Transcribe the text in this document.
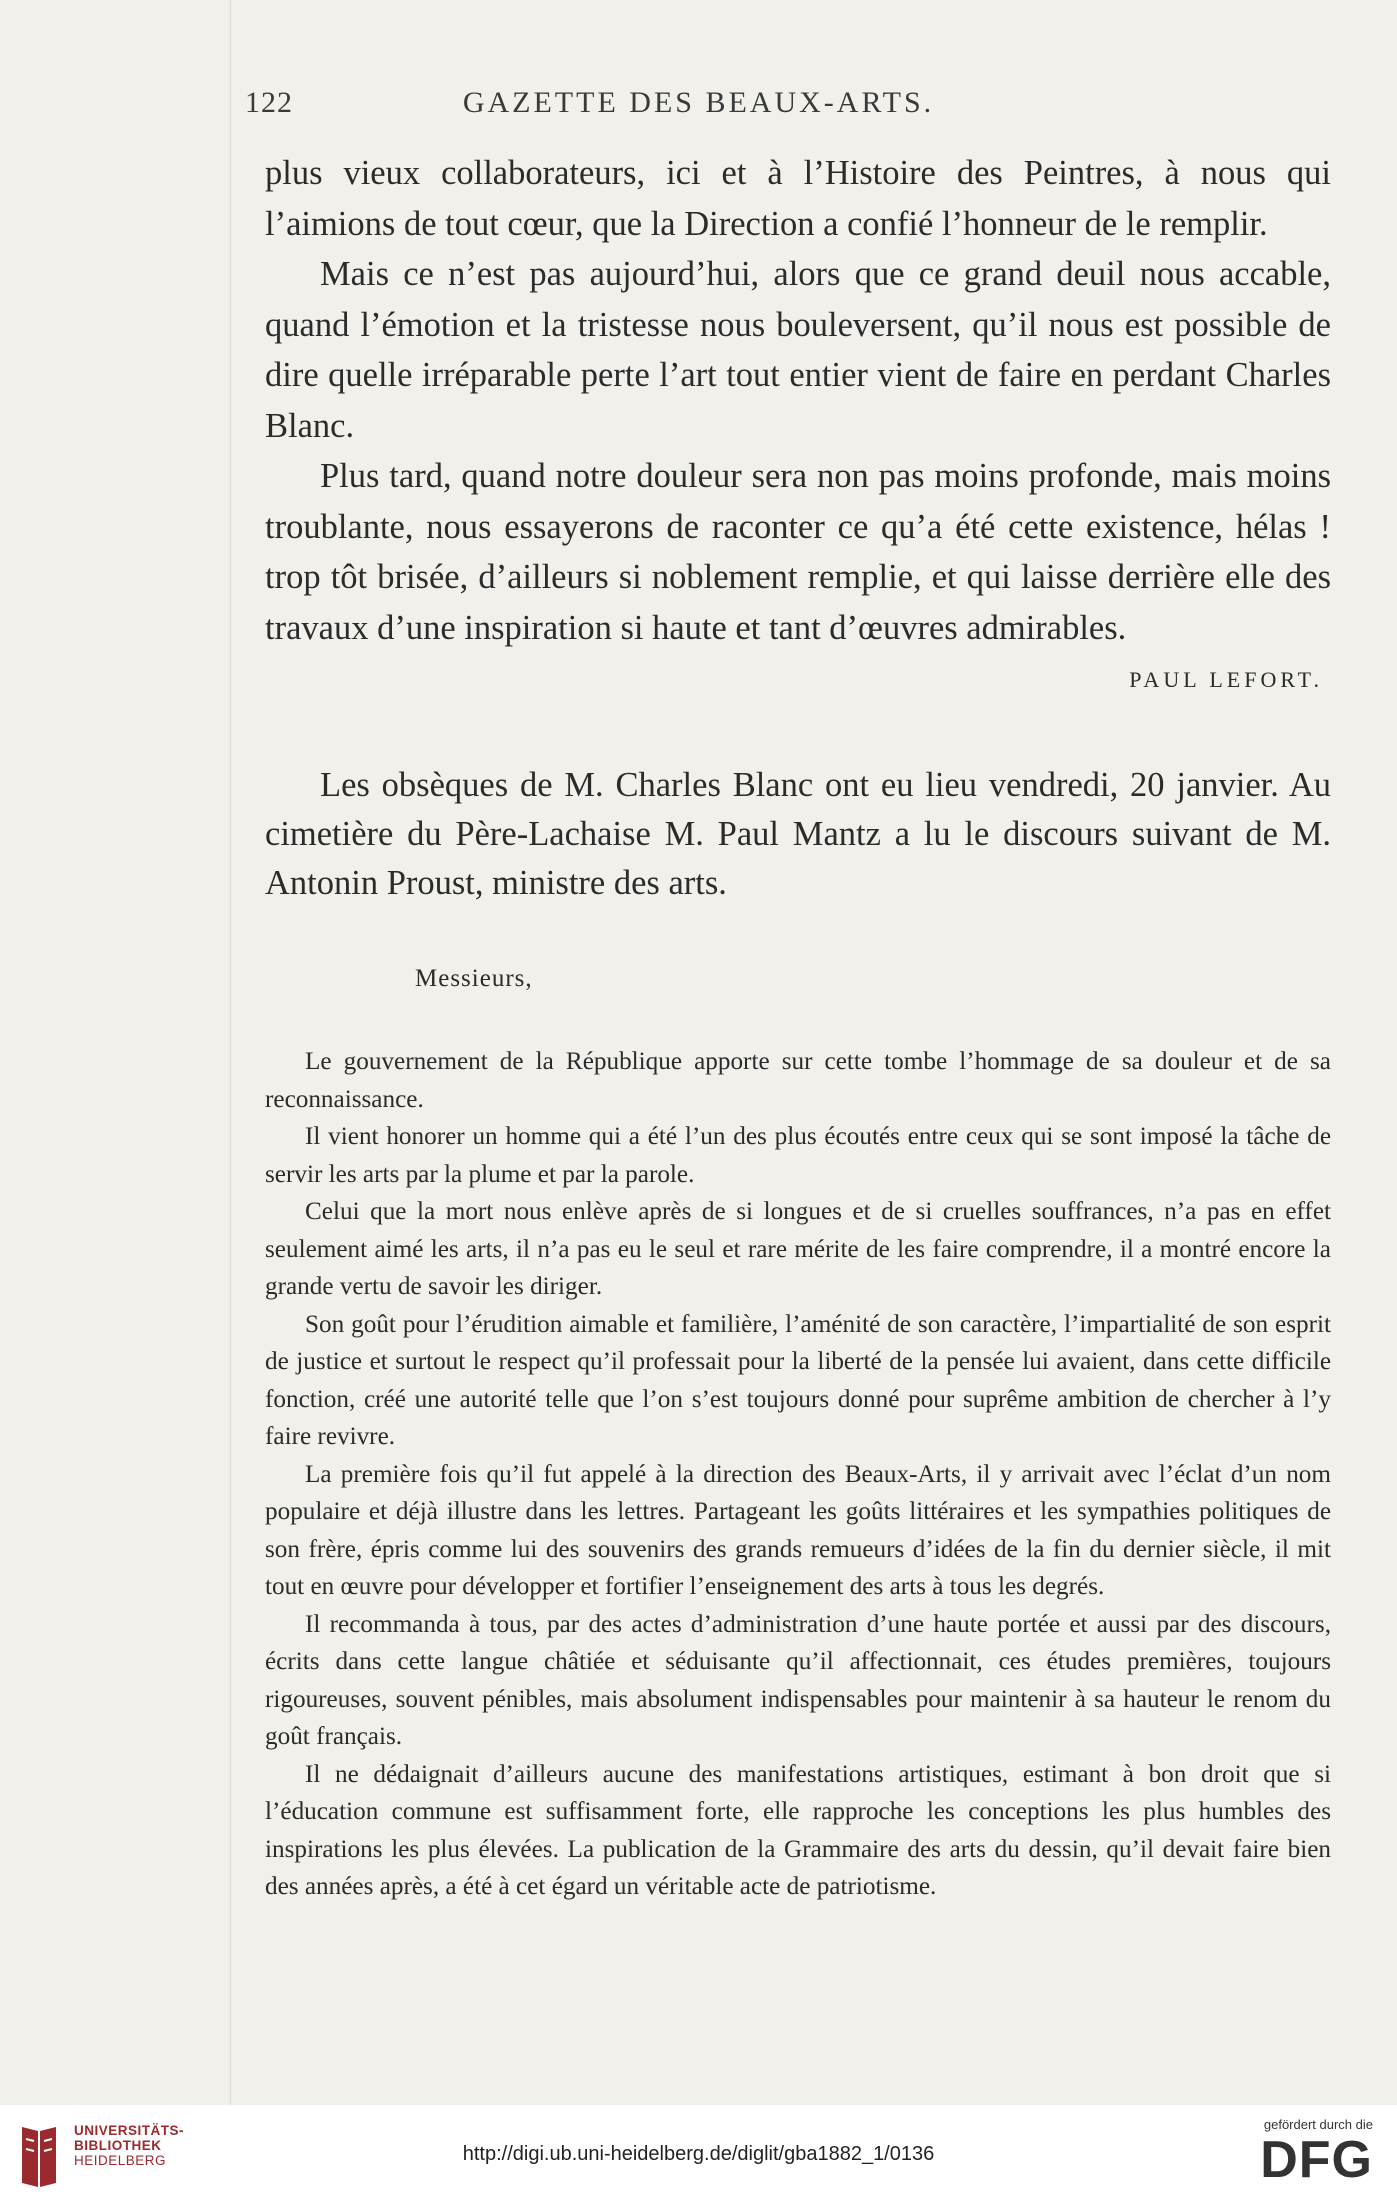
122	GAZETTE DES BEAUX-ARTS.

plus vieux collaborateurs, ici et à l’Histoire des Peintres, à nous qui l’aimions de tout cœur, que la Direction a confié l’honneur de le remplir.

Mais ce n’est pas aujourd’hui, alors que ce grand deuil nous accable, quand l’émotion et la tristesse nous bouleversent, qu’il nous est possible de dire quelle irréparable perte l’art tout entier vient de faire en perdant Charles Blanc.

Plus tard, quand notre douleur sera non pas moins profonde, mais moins troublante, nous essayerons de raconter ce qu’a été cette existence, hélas ! trop tôt brisée, d’ailleurs si noblement remplie, et qui laisse derrière elle des travaux d’une inspiration si haute et tant d’œuvres admirables.

PAUL LEFORT.

Les obsèques de M. Charles Blanc ont eu lieu vendredi, 20 janvier. Au cimetière du Père-Lachaise M. Paul Mantz a lu le discours suivant de M. Antonin Proust, ministre des arts.

Messieurs,

Le gouvernement de la République apporte sur cette tombe l’hommage de sa douleur et de sa reconnaissance.

Il vient honorer un homme qui a été l’un des plus écoutés entre ceux qui se sont imposé la tâche de servir les arts par la plume et par la parole.

Celui que la mort nous enlève après de si longues et de si cruelles souffrances, n’a pas en effet seulement aimé les arts, il n’a pas eu le seul et rare mérite de les faire comprendre, il a montré encore la grande vertu de savoir les diriger.

Son goût pour l’érudition aimable et familière, l’aménité de son caractère, l’impartialité de son esprit de justice et surtout le respect qu’il professait pour la liberté de la pensée lui avaient, dans cette difficile fonction, créé une autorité telle que l’on s’est toujours donné pour suprême ambition de chercher à l’y faire revivre.

La première fois qu’il fut appelé à la direction des Beaux-Arts, il y arrivait avec l’éclat d’un nom populaire et déjà illustre dans les lettres. Partageant les goûts littéraires et les sympathies politiques de son frère, épris comme lui des souvenirs des grands remueurs d’idées de la fin du dernier siècle, il mit tout en œuvre pour développer et fortifier l’enseignement des arts à tous les degrés.

Il recommanda à tous, par des actes d’administration d’une haute portée et aussi par des discours, écrits dans cette langue châtiée et séduisante qu’il affectionnait, ces études premières, toujours rigoureuses, souvent pénibles, mais absolument indispensables pour maintenir à sa hauteur le renom du goût français.

Il ne dédaignait d’ailleurs aucune des manifestations artistiques, estimant à bon droit que si l’éducation commune est suffisamment forte, elle rapproche les conceptions les plus humbles des inspirations les plus élevées. La publication de la Grammaire des arts du dessin, qu’il devait faire bien des années après, a été à cet égard un véritable acte de patriotisme.

UNIVERSITÄTS-
BIBLIOTHEK
HEIDELBERG	http://digi.ub.uni-heidelberg.de/diglit/gba1882_1/0136
gefördert durch die
DFG
